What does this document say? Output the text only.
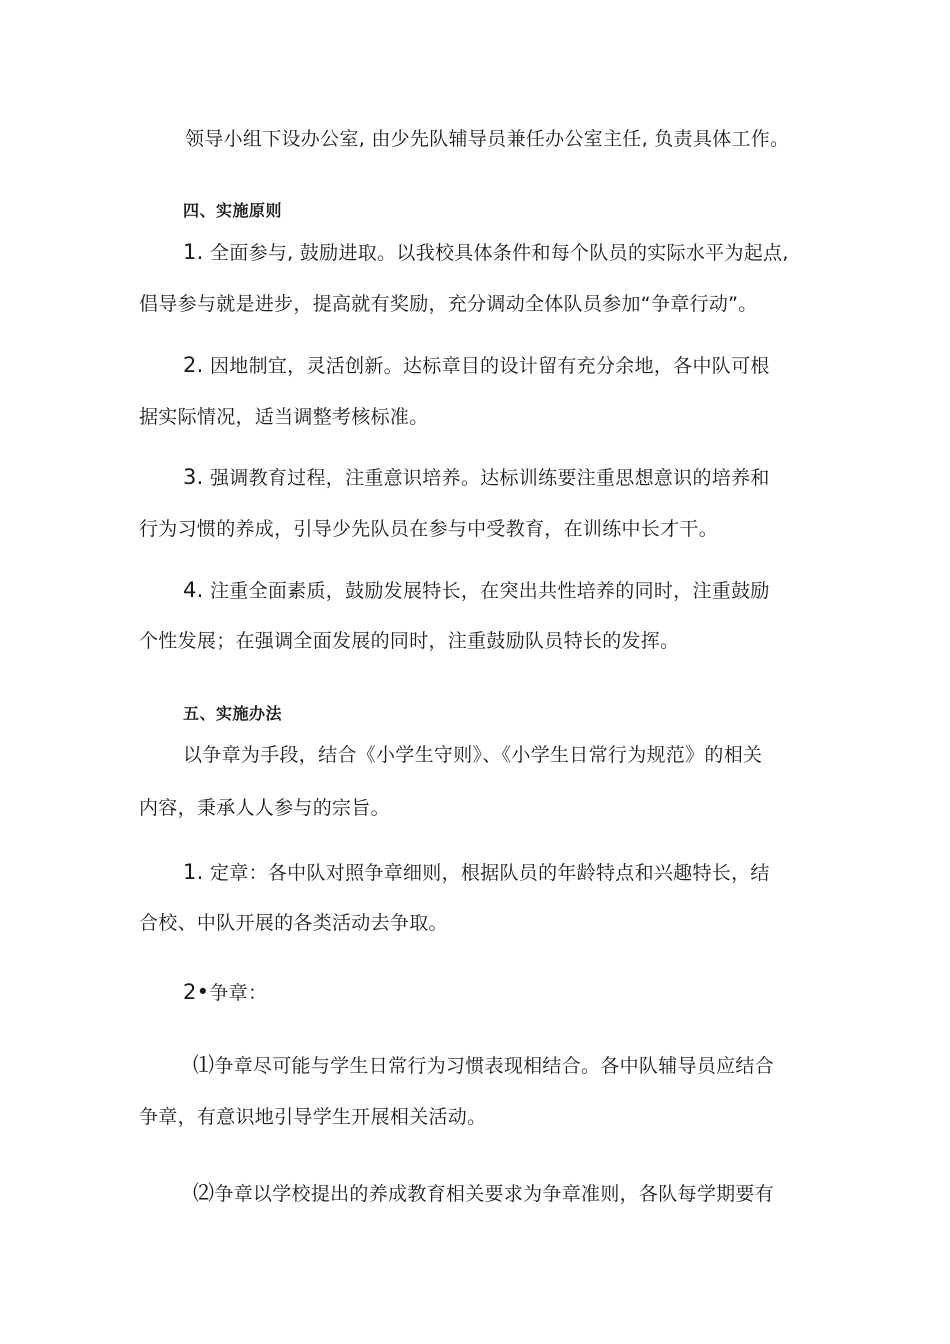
领导小组下设办公室, 由少先队辅导员兼任办公室主任, 负责具体工作。
四、实施原则
1. 全面参与, 鼓励进取。以我校具体条件和每个队员的实际水平为起点,
倡导参与就是进步，提高就有奖励，充分调动全体队员参加“争章行动”。
2. 因地制宜，灵活创新。达标章目的设计留有充分余地，各中队可根
据实际情况，适当调整考核标准。
3. 强调教育过程，注重意识培养。达标训练要注重思想意识的培养和
行为习惯的养成，引导少先队员在参与中受教育，在训练中长才干。
4. 注重全面素质，鼓励发展特长，在突出共性培养的同时，注重鼓励
个性发展；在强调全面发展的同时，注重鼓励队员特长的发挥。
五、实施办法
以争章为手段，结合《小学生守则》、《小学生日常行为规范》的相关
内容，秉承人人参与的宗旨。
1. 定章：各中队对照争章细则，根据队员的年龄特点和兴趣特长，结
合校、中队开展的各类活动去争取。
2•争章：
⑴争章尽可能与学生日常行为习惯表现相结合。各中队辅导员应结合
争章，有意识地引导学生开展相关活动。
⑵争章以学校提出的养成教育相关要求为争章准则，各队每学期要有
